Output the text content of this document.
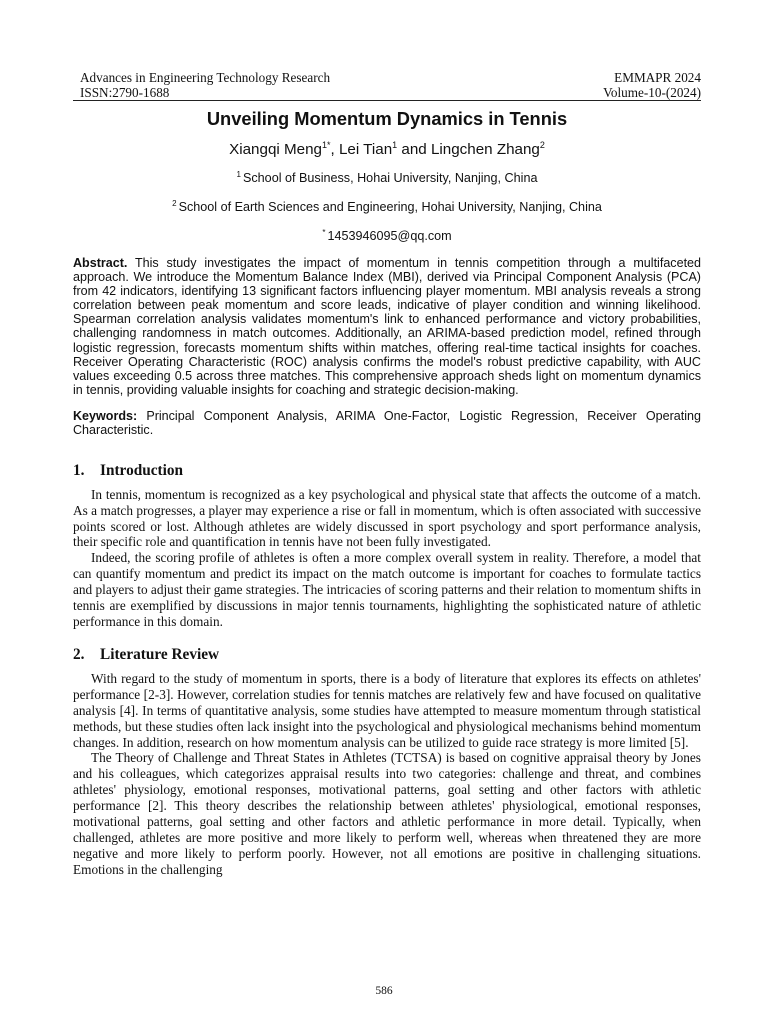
Advances in Engineering Technology Research	EMMAPR 2024
ISSN:2790-1688	Volume-10-(2024)
Unveiling Momentum Dynamics in Tennis
Xiangqi Meng$^{1*}$, Lei Tian$^1$ and Lingchen Zhang$^2$
$^1$ School of Business, Hohai University, Nanjing, China
$^2$ School of Earth Sciences and Engineering, Hohai University, Nanjing, China
* 1453946095@qq.com
Abstract. This study investigates the impact of momentum in tennis competition through a multifaceted approach. We introduce the Momentum Balance Index (MBI), derived via Principal Component Analysis (PCA) from 42 indicators, identifying 13 significant factors influencing player momentum. MBI analysis reveals a strong correlation between peak momentum and score leads, indicative of player condition and winning likelihood. Spearman correlation analysis validates momentum's link to enhanced performance and victory probabilities, challenging randomness in match outcomes. Additionally, an ARIMA-based prediction model, refined through logistic regression, forecasts momentum shifts within matches, offering real-time tactical insights for coaches. Receiver Operating Characteristic (ROC) analysis confirms the model's robust predictive capability, with AUC values exceeding 0.5 across three matches. This comprehensive approach sheds light on momentum dynamics in tennis, providing valuable insights for coaching and strategic decision-making.
Keywords: Principal Component Analysis, ARIMA One-Factor, Logistic Regression, Receiver Operating Characteristic.
1. Introduction

In tennis, momentum is recognized as a key psychological and physical state that affects the outcome of a match. As a match progresses, a player may experience a rise or fall in momentum, which is often associated with successive points scored or lost. Although athletes are widely discussed in sport psychology and sport performance analysis, their specific role and quantification in tennis have not been fully investigated.

Indeed, the scoring profile of athletes is often a more complex overall system in reality. Therefore, a model that can quantify momentum and predict its impact on the match outcome is important for coaches to formulate tactics and players to adjust their game strategies. The intricacies of scoring patterns and their relation to momentum shifts in tennis are exemplified by discussions in major tennis tournaments, highlighting the sophisticated nature of athletic performance in this domain.

2. Literature Review

With regard to the study of momentum in sports, there is a body of literature that explores its effects on athletes' performance [2-3]. However, correlation studies for tennis matches are relatively few and have focused on qualitative analysis [4]. In terms of quantitative analysis, some studies have attempted to measure momentum through statistical methods, but these studies often lack insight into the psychological and physiological mechanisms behind momentum changes. In addition, research on how momentum analysis can be utilized to guide race strategy is more limited [5].

The Theory of Challenge and Threat States in Athletes (TCTSA) is based on cognitive appraisal theory by Jones and his colleagues, which categorizes appraisal results into two categories: challenge and threat, and combines athletes' physiology, emotional responses, motivational patterns, goal setting and other factors with athletic performance [2]. This theory describes the relationship between athletes' physiological, emotional responses, motivational patterns, goal setting and other factors and athletic performance in more detail. Typically, when challenged, athletes are more positive and more likely to perform well, whereas when threatened they are more negative and more likely to perform poorly. However, not all emotions are positive in challenging situations. Emotions in the challenging

586
